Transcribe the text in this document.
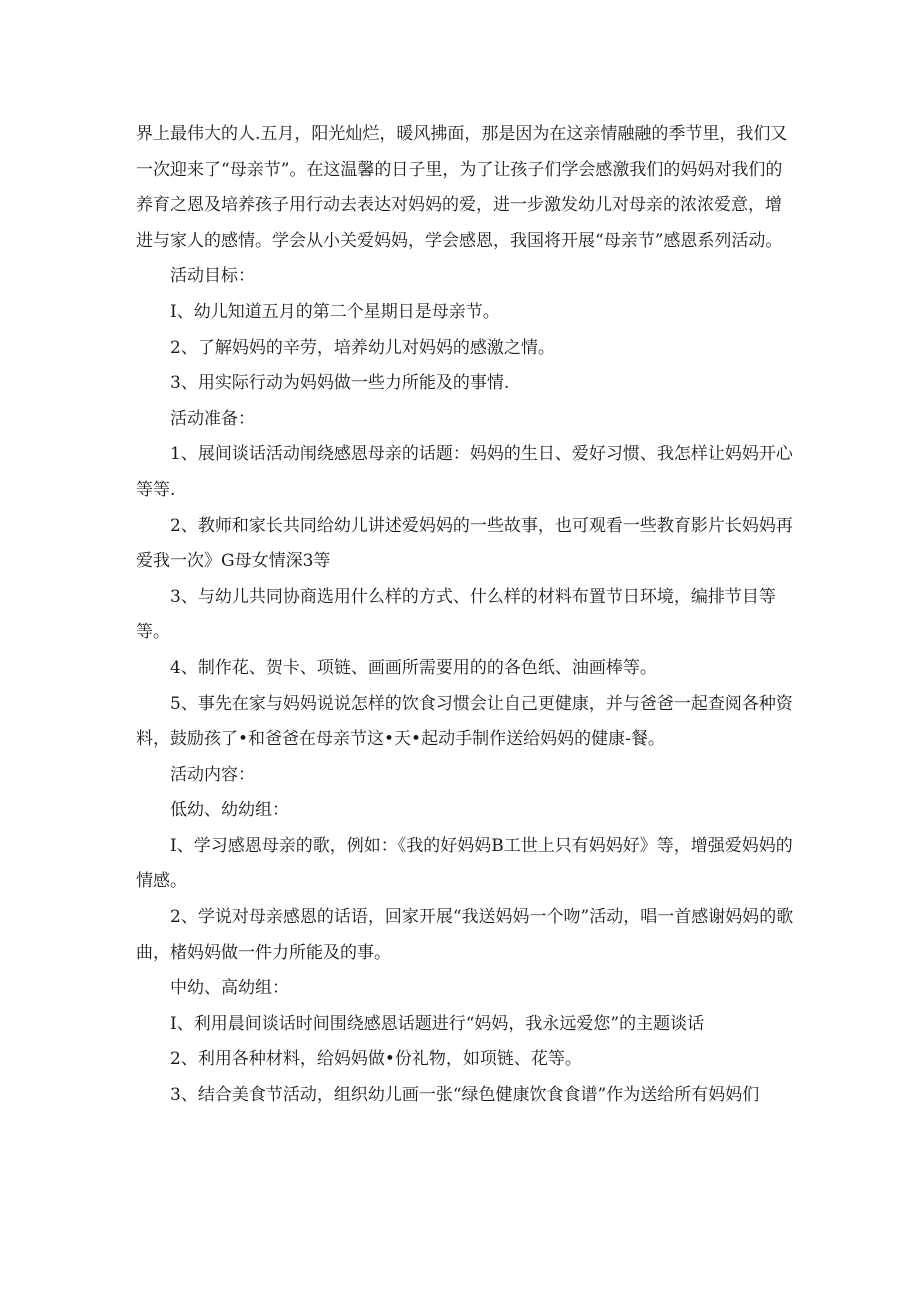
界上最伟大的人.五月，阳光灿烂，暖风拂面，那是因为在这亲情融融的季节里，我们又一次迎来了“母亲节”。在这温馨的日子里，为了让孩子们学会感激我们的妈妈对我们的养育之恩及培养孩子用行动去表达对妈妈的爱，进一步激发幼儿对母亲的浓浓爱意，增进与家人的感情。学会从小关爱妈妈，学会感恩，我国将开展“母亲节”感恩系列活动。

活动目标：

I、幼儿知道五月的第二个星期日是母亲节。

2、了解妈妈的辛劳，培养幼儿对妈妈的感激之情。

3、用实际行动为妈妈做一些力所能及的事情.

活动准备：

1、展间谈话活动闱绕感恩母亲的话题：妈妈的生日、爱好习惯、我怎样让妈妈开心等等.

2、教师和家长共同给幼儿讲述爱妈妈的一些故事，也可观看一些教育影片长妈妈再爱我一次》G母女情深3等

3、与幼儿共同协商选用什么样的方式、什么样的材料布置节日环境，编排节目等等。

4、制作花、贺卡、项链、画画所需要用的的各色纸、油画棒等。

5、事先在家与妈妈说说怎样的饮食习惯会让自己更健康，并与爸爸一起查阅各种资料，鼓励孩了•和爸爸在母亲节这•天•起动手制作送给妈妈的健康-餐。

活动内容：

低幼、幼幼组：

I、学习感恩母亲的歌，例如：《我的好妈妈B工世上只有妈妈好》等，增强爱妈妈的情感。

2、学说对母亲感恩的话语，回家开展“我送妈妈一个吻”活动，唱一首感谢妈妈的歌曲，楮妈妈做一件力所能及的事。

中幼、高幼组：

I、利用晨间谈话时间围绕感恩话题进行“妈妈，我永远爱您”的主题谈话

2、利用各种材料，给妈妈做•份礼物，如项链、花等。

3、结合美食节活动，组织幼儿画一张“绿色健康饮食食谱”作为送给所有妈妈们
